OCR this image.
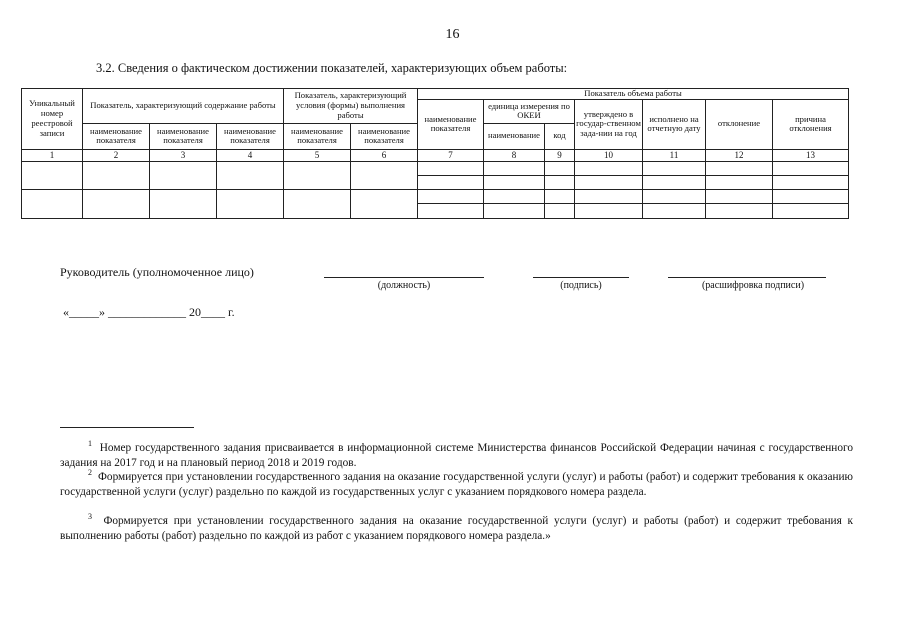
16
3.2. Сведения о фактическом достижении показателей, характеризующих объем работы:
Уникальный номер реестровой записи	Показатель, характеризующий содержание работы			Показатель, характеризующий условия (формы) выполнения работы		Показатель объема работы						
						наименование показателя	единица измерения по ОКЕИ		утверждено в государ-ственном зада-нии на год	исполнено на отчетную дату	отклонение	причина отклонения
	наименование показателя	наименование показателя	наименование показателя	наименование показателя	наименование показателя		наименование	код				
1	2	3	4	5	6	7	8	9	10	11	12	13

Руководитель (уполномоченное лицо)
(должность)	(подпись)	(расшифровка подписи)
«_____» _____________ 20____ г.
$^1$ Номер государственного задания присваивается в информационной системе Министерства финансов Российской Федерации начиная с государственного задания на 2017 год и на плановый период 2018 и 2019 годов.
$^2$ Формируется при установлении государственного задания на оказание государственной услуги (услуг) и работы (работ) и содержит требования к оказанию государственной услуги (услуг) раздельно по каждой из государственных услуг с указанием порядкового номера раздела.
$^3$ Формируется при установлении государственного задания на оказание государственной услуги (услуг) и работы (работ) и содержит требования к выполнению работы (работ) раздельно по каждой из работ с указанием порядкового номера раздела.»
